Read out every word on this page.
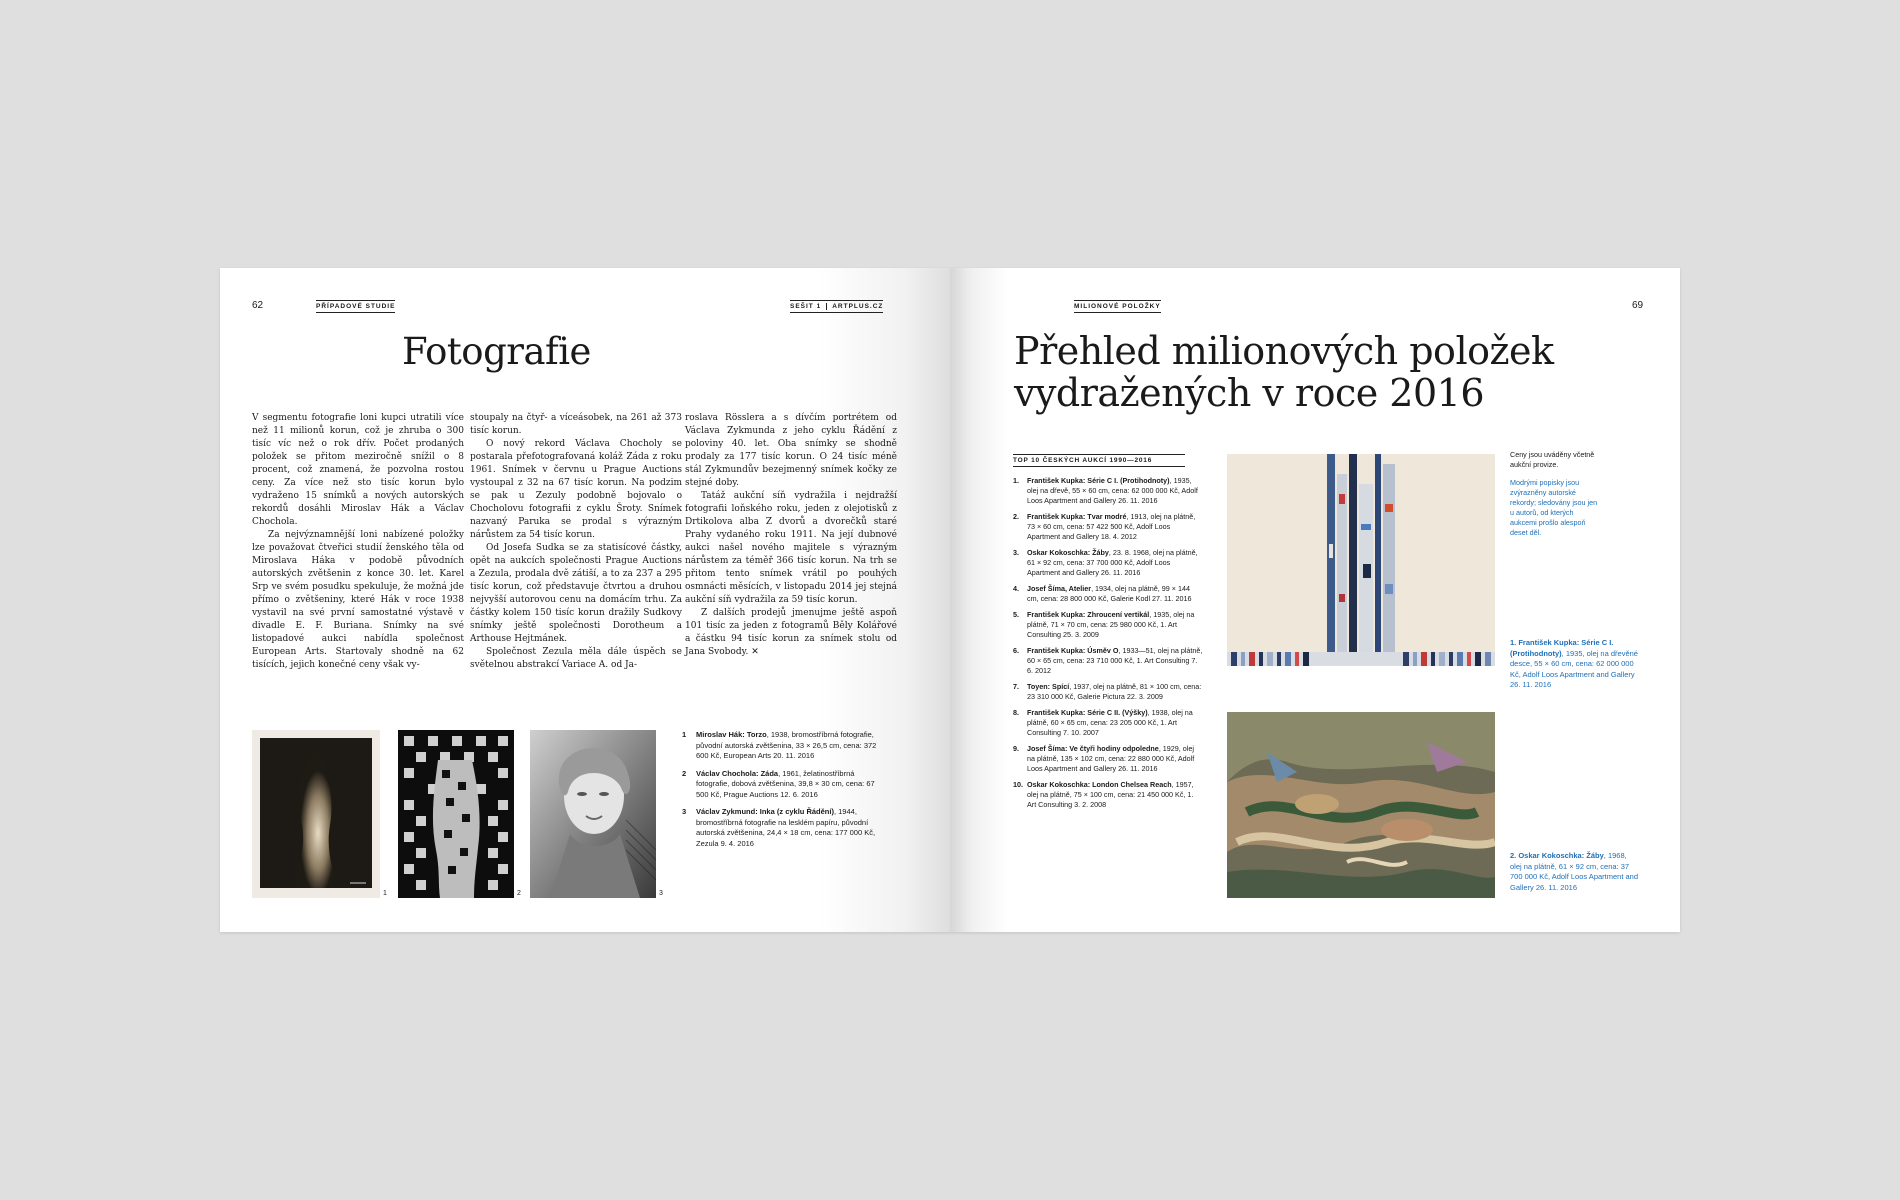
62	PŘÍPADOVÉ STUDIE	SEŠIT 1 ARTPLUS.CZ
Fotografie

V segmentu fotografie loni kupci utratili více než 11 milionů korun, což je zhruba o 300 tisíc víc než o rok dřív. Počet prodaných položek se přitom meziročně snížil o 8 procent, což znamená, že pozvolna rostou ceny. Za více než sto tisíc korun bylo vydraženo 15 snímků a nových autorských rekordů dosáhli Miroslav Hák a Václav Chochola.

Za nejvýznamnější loni nabízené položky lze považovat čtveřici studií ženského těla od Miroslava Háka v podobě původních autorských zvětšenin z konce 30. let. Karel Srp ve svém posudku spekuluje, že možná jde přímo o zvětšeniny, které Hák v roce 1938 vystavil na své první samostatné výstavě v divadle E. F. Buriana. Snímky na své listopadové aukci nabídla společnost European Arts. Startovaly shodně na 62 tisících, jejich konečné ceny však vy-

stoupaly na čtyř- a víceásobek, na 261 až 373 tisíc korun.

O nový rekord Václava Chocholy se postarala přefotografovaná koláž Záda z roku 1961. Snímek v červnu u Prague Auctions vystoupal z 32 na 67 tisíc korun. Na podzim se pak u Zezuly podobně bojovalo o Chocholovu fotografii z cyklu Šroty. Snímek nazvaný Paruka se prodal s výrazným nárůstem za 54 tisíc korun.

Od Josefa Sudka se za statisícové částky, opět na aukcích společnosti Prague Auctions a Zezula, prodala dvě zátiší, a to za 237 a 295 tisíc korun, což představuje čtvrtou a druhou nejvyšší autorovou cenu na domácím trhu. Za částky kolem 150 tisíc korun dražily Sudkovy snímky ještě společnosti Dorotheum a Arthouse Hejtmánek.

Společnost Zezula měla dále úspěch se světelnou abstrakcí Variace A. od Ja-

roslava Rösslera a s dívčím portrétem od Václava Zykmunda z jeho cyklu Řádění z poloviny 40. let. Oba snímky se shodně prodaly za 177 tisíc korun. O 24 tisíc méně stál Zykmundův bezejmenný snímek kočky ze stejné doby.

Tatáž aukční síň vydražila i nejdražší fotografii loňského roku, jeden z olejotisků z Drtikolova alba Z dvorů a dvorečků staré Prahy vydaného roku 1911. Na její dubnové aukci našel nového majitele s výrazným nárůstem za téměř 366 tisíc korun. Na trh se přitom tento snímek vrátil po pouhých osmnácti měsících, v listopadu 2014 jej stejná aukční síň vydražila za 59 tisíc korun.

Z dalších prodejů jmenujme ještě aspoň 101 tisíc za jeden z fotogramů Běly Kolářové a částku 94 tisíc korun za snímek stolu od Jana Svobody. ✕

1	2	3
1	Miroslav Hák: Torzo, 1938, bromostříbrná fotografie, původní autorská zvětšenina, 33 × 26,5 cm, cena: 372 600 Kč, European Arts 20. 11. 2016
2	Václav Chochola: Záda, 1961, želatinostříbrná fotografie, dobová zvětšenina, 39,8 × 30 cm, cena: 67 500 Kč, Prague Auctions 12. 6. 2016
3	Václav Zykmund: Inka (z cyklu Řádění), 1944, bromostříbrná fotografie na lesklém papíru, původní autorská zvětšenina, 24,4 × 18 cm, cena: 177 000 Kč, Zezula 9. 4. 2016
MILIONOVÉ POLOŽKY	69
Přehled milionových položek
vydražených v roce 2016
TOP 10 ČESKÝCH AUKCÍ 1990—2016
1.	František Kupka: Série C I. (Protihodnoty), 1935, olej na dřevě, 55 × 60 cm, cena: 62 000 000 Kč, Adolf Loos Apartment and Gallery 26. 11. 2016
2.	František Kupka: Tvar modré, 1913, olej na plátně, 73 × 60 cm, cena: 57 422 500 Kč, Adolf Loos Apartment and Gallery 18. 4. 2012
3.	Oskar Kokoschka: Žáby, 23. 8. 1968, olej na plátně, 61 × 92 cm, cena: 37 700 000 Kč, Adolf Loos Apartment and Gallery 26. 11. 2016
4.	Josef Šíma, Atelier, 1934, olej na plátně, 99 × 144 cm, cena: 28 800 000 Kč, Galerie Kodl 27. 11. 2016
5.	František Kupka: Zhroucení vertikál, 1935, olej na plátně, 71 × 70 cm, cena: 25 980 000 Kč, 1. Art Consulting 25. 3. 2009
6.	František Kupka: Úsměv O, 1933—51, olej na plátně, 60 × 65 cm, cena: 23 710 000 Kč, 1. Art Consulting 7. 6. 2012
7.	Toyen: Spící, 1937, olej na plátně, 81 × 100 cm, cena: 23 310 000 Kč, Galerie Pictura 22. 3. 2009
8.	František Kupka: Série C II. (Výšky), 1938, olej na plátně, 60 × 65 cm, cena: 23 205 000 Kč, 1. Art Consulting 7. 10. 2007
9.	Josef Šíma: Ve čtyři hodiny odpoledne, 1929, olej na plátně, 135 × 102 cm, cena: 22 880 000 Kč, Adolf Loos Apartment and Gallery 26. 11. 2016
10. Oskar Kokoschka: London Chelsea Reach, 1957, olej na plátně, 75 × 100 cm, cena: 21 450 000 Kč, 1. Art Consulting 3. 2. 2008
Ceny jsou uváděny včetně aukční provize.
Modrými popisky jsou zvýrazněny autorské rekordy; sledovány jsou jen u autorů, od kterých aukcemi prošlo alespoň deset děl.
1. František Kupka: Série C I. (Protihodnoty), 1935, olej na dřevěné desce, 55 × 60 cm, cena: 62 000 000 Kč, Adolf Loos Apartment and Gallery 26. 11. 2016
2. Oskar Kokoschka: Žáby, 1968, olej na plátně, 61 × 92 cm, cena: 37 700 000 Kč, Adolf Loos Apartment and Gallery 26. 11. 2016
